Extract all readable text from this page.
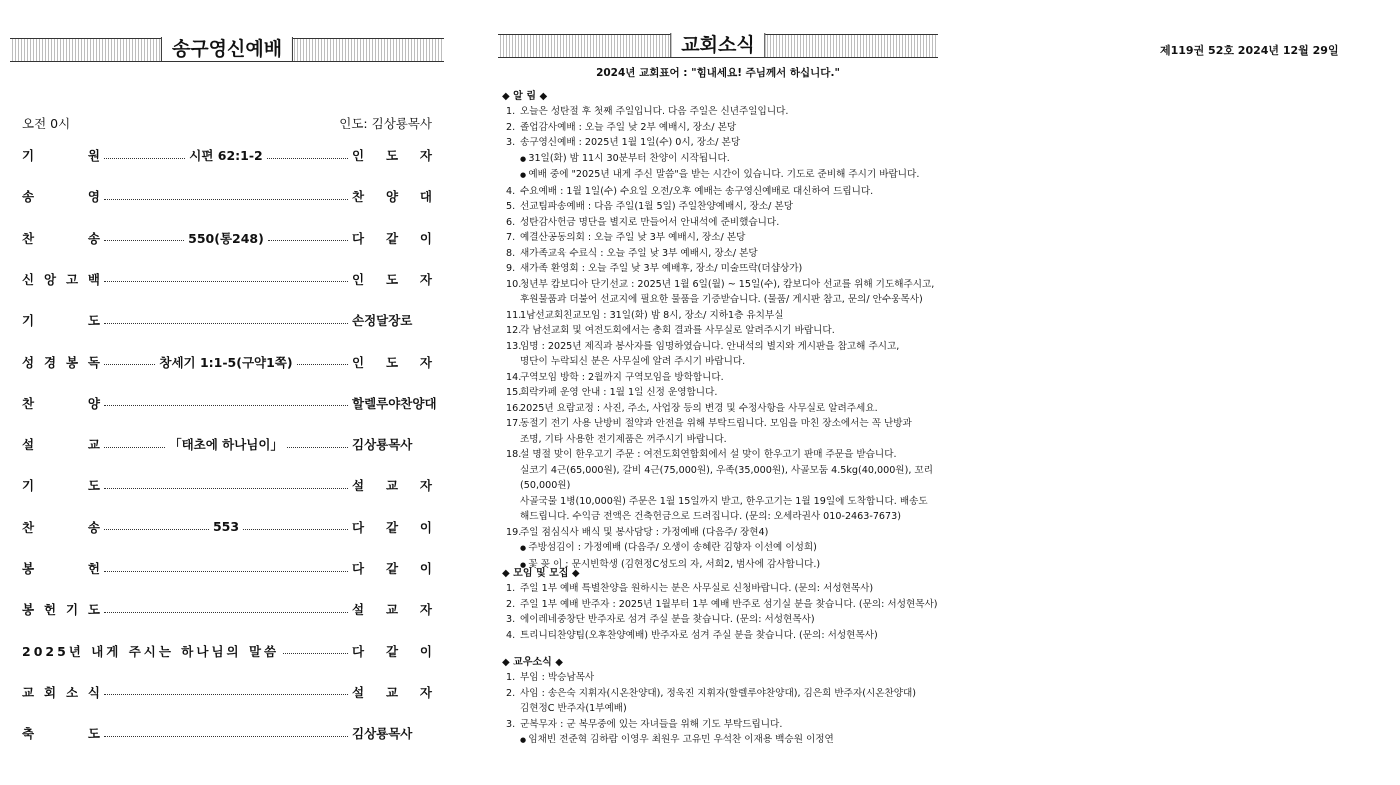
송구영신예배
오전 0시	인도: 김상룡목사
기 원	시편 62:1-2	인 도 자
송 영	찬 양 대
찬 송	550(통248)	다 같 이
신 앙 고 백	인 도 자
기 도	손정달장로
성 경 봉 독	창세기 1:1-5(구약1쪽)	인 도 자
찬 양	할렐루야찬양대
설 교	「태초에 하나님이」	김상룡목사
기 도	설 교 자
찬 송	553	다 같 이
봉 헌	다 같 이
봉 헌 기 도	설 교 자
2025년 내게 주시는 하나님의 말씀	다 같 이
교 회 소 식	설 교 자
축 도	김상룡목사
교회소식
2024년 교회표어 : "힘내세요! 주님께서 하십니다."
◆ 알 림 ◆
1. 오늘은 성탄절 후 첫째 주일입니다. 다음 주일은 신년주일입니다.
2. 졸업감사예배 : 오늘 주일 낮 2부 예배시, 장소/ 본당
3. 송구영신예배 : 2025년 1월 1일(수) 0시, 장소/ 본당
● 31일(화) 밤 11시 30분부터 찬양이 시작됩니다.
● 예배 중에 "2025년 내게 주신 말씀"을 받는 시간이 있습니다. 기도로 준비해 주시기 바랍니다.
4. 수요예배 : 1월 1일(수) 수요일 오전/오후 예배는 송구영신예배로 대신하여 드립니다.
5. 선교팀파송예배 : 다음 주일(1월 5일) 주일찬양예배시, 장소/ 본당
6. 성탄감사헌금 명단을 별지로 만들어서 안내석에 준비했습니다.
7. 예결산공동의회 : 오늘 주일 낮 3부 예배시, 장소/ 본당
8. 새가족교육 수료식 : 오늘 주일 낮 3부 예배시, 장소/ 본당
9. 새가족 환영회 : 오늘 주일 낮 3부 예배후, 장소/ 미술뜨락(더샵상가)
10.청년부 캄보디아 단기선교 : 2025년 1월 6일(월) ~ 15일(수), 캄보디아 선교를 위해 기도해주시고,
후원물품과 더불어 선교지에 필요한 물품을 기증받습니다. (물품/ 게시판 참고, 문의/ 안수웅목사)
11.1남선교회친교모임 : 31일(화) 밤 8시, 장소/ 지하1층 유치부실
12.각 남선교회 및 여전도회에서는 총회 결과를 사무실로 알려주시기 바랍니다.
13.임명 : 2025년 제직과 봉사자를 임명하였습니다. 안내석의 별지와 게시판을 참고해 주시고,
명단이 누락되신 분은 사무실에 알려 주시기 바랍니다.
14.구역모임 방학 : 2월까지 구역모임을 방학합니다.
15.희락카페 운영 안내 : 1월 1일 신정 운영합니다.
16.2025년 요람교정 : 사진, 주소, 사업장 등의 변경 및 수정사항을 사무실로 알려주세요.
17.동절기 전기 사용 난방비 절약과 안전을 위해 부탁드립니다. 모임을 마친 장소에서는 꼭 난방과
조명, 기타 사용한 전기제품은 꺼주시기 바랍니다.
18.설 명절 맞이 한우고기 주문 : 여전도회연합회에서 설 맞이 한우고기 판매 주문을 받습니다.
실코기 4근(65,000원), 갈비 4근(75,000원), 우족(35,000원), 사골모둠 4.5kg(40,000원), 꼬리(50,000원)
사골국물 1병(10,000원) 주문은 1월 15일까지 받고, 한우고기는 1월 19일에 도착합니다. 배송도
해드립니다. 수익금 전액은 건축헌금으로 드려집니다. (문의: 오세라권사 010-2463-7673)
19.주일 점심식사 배식 및 봉사담당 : 가정예배 (다음주/ 장현4)
● 주방섬김이 : 가정예배 (다음주/ 오생이 송혜란 김향자 이선예 이성희)
● 꽃 꽂 이 : 문시빈학생 (김현정C성도의 자, 서희2, 범사에 감사합니다.)
◆ 모임 및 모집 ◆
1. 주일 1부 예배 특별찬양을 원하시는 분은 사무실로 신청바랍니다. (문의: 서성현목사)
2. 주일 1부 예배 반주자 : 2025년 1월부터 1부 예배 반주로 섬기실 분을 찾습니다. (문의: 서성현목사)
3. 에이레네중창단 반주자로 섬겨 주실 분을 찾습니다. (문의: 서성현목사)
4. 트리니티찬양팀(오후찬양예배) 반주자로 섬겨 주실 분을 찾습니다. (문의: 서성현목사)
◆ 교우소식 ◆
1. 부임 : 박승남목사
2. 사임 : 송은숙 지휘자(시온찬양대), 정욱진 지휘자(할렐루야찬양대), 김은희 반주자(시온찬양대)
김현정C 반주자(1부예배)
3. 군복무자 : 군 복무중에 있는 자녀들을 위해 기도 부탁드립니다.
● 임채빈 전준혁 김하람 이영우 최원우 고유민 우석찬 이재용 백승원 이정연
제119권 52호 2024년 12월 29일
